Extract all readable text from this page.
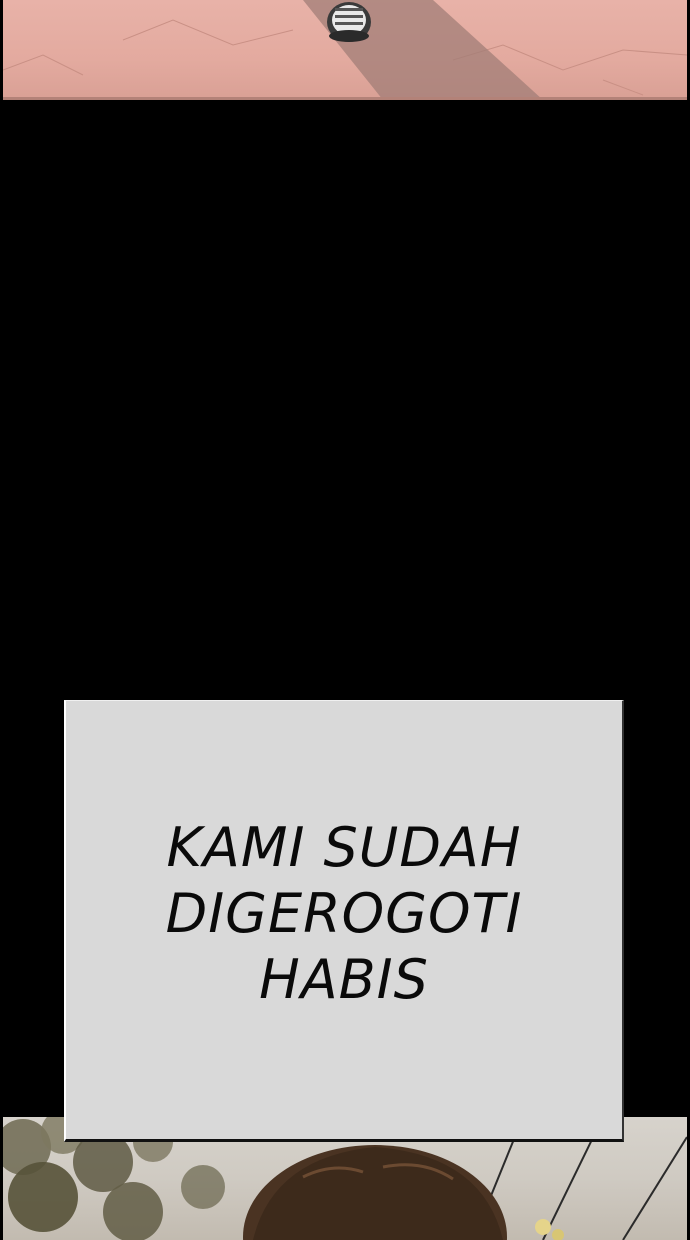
KAMI SUDAH
DIGEROGOTI
HABIS
